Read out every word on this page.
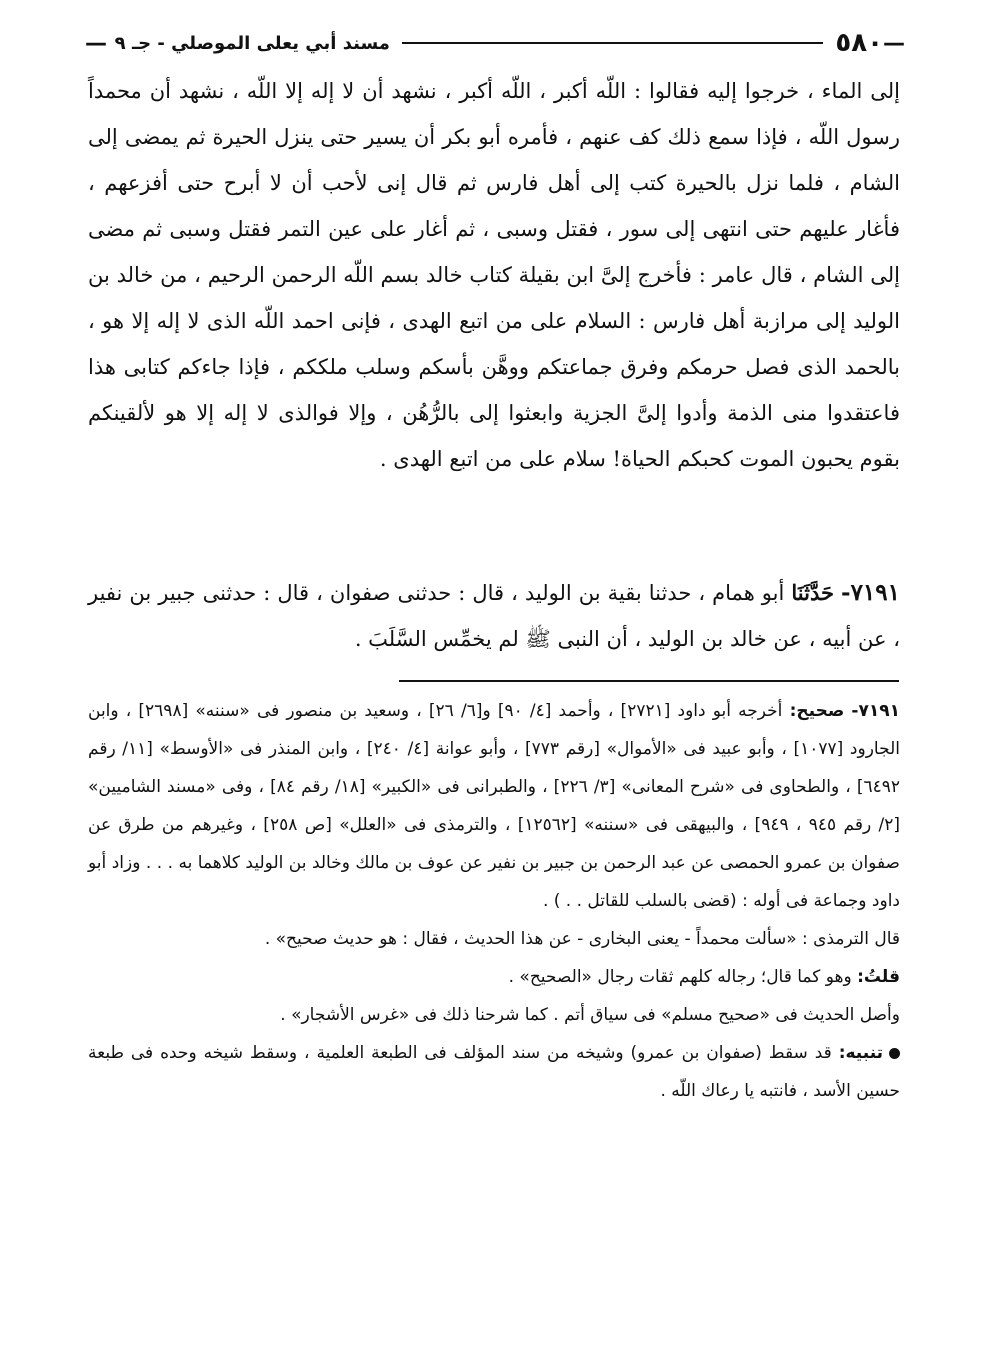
—
٥٨٠
مسند أبي يعلى الموصلي - جـ ٩
—

إلى الماء ، خرجوا إليه فقالوا : اللّه أكبر ، اللّه أكبر ، نشهد أن لا إله إلا اللّه ، نشهد أن محمداً رسول اللّه ، فإذا سمع ذلك كف عنهم ، فأمره أبو بكر أن يسير حتى ينزل الحيرة ثم يمضى إلى الشام ، فلما نزل بالحيرة كتب إلى أهل فارس ثم قال إنى لأحب أن لا أبرح حتى أفزعهم ، فأغار عليهم حتى انتهى إلى سور ، فقتل وسبى ، ثم أغار على عين التمر فقتل وسبى ثم مضى إلى الشام ، قال عامر : فأخرج إلىَّ ابن بقيلة كتاب خالد بسم اللّه الرحمن الرحيم ، من خالد بن الوليد إلى مرازبة أهل فارس : السلام على من اتبع الهدى ، فإنى احمد اللّه الذى لا إله إلا هو ، بالحمد الذى فصل حرمكم وفرق جماعتكم ووهَّن بأسكم وسلب ملككم ، فإذا جاءكم كتابى هذا فاعتقدوا منى الذمة وأدوا إلىَّ الجزية وابعثوا إلى بالرُّهُن ، وإلا فوالذى لا إله إلا هو لألقينكم بقوم يحبون الموت كحبكم الحياة! سلام على من اتبع الهدى .

٧١٩١- حَدَّثَنَا أبو همام ، حدثنا بقية بن الوليد ، قال : حدثنى صفوان ، قال : حدثنى جبير بن نفير ، عن أبيه ، عن خالد بن الوليد ، أن النبى ﷺ لم يخمِّس السَّلَبَ .

٧١٩١- صحيح: أخرجه أبو داود [٢٧٢١] ، وأحمد [٤/ ٩٠] و[٦/ ٢٦] ، وسعيد بن منصور فى «سننه» [٢٦٩٨] ، وابن الجارود [١٠٧٧] ، وأبو عبيد فى «الأموال» [رقم ٧٧٣] ، وأبو عوانة [٤/ ٢٤٠] ، وابن المنذر فى «الأوسط» [١١/ رقم ٦٤٩٢] ، والطحاوى فى «شرح المعانى» [٣/ ٢٢٦] ، والطبرانى فى «الكبير» [١٨/ رقم ٨٤] ، وفى «مسند الشاميين» [٢/ رقم ٩٤٥ ، ٩٤٩] ، والبيهقى فى «سننه» [١٢٥٦٢] ، والترمذى فى «العلل» [ص ٢٥٨] ، وغيرهم من طرق عن صفوان بن عمرو الحمصى عن عبد الرحمن بن جبير بن نفير عن عوف بن مالك وخالد بن الوليد كلاهما به . . . وزاد أبو داود وجماعة فى أوله : (قضى بالسلب للقاتل . . ) .

قال الترمذى : «سألت محمداً - يعنى البخارى - عن هذا الحديث ، فقال : هو حديث صحيح» .

قلتُ: وهو كما قال؛ رجاله كلهم ثقات رجال «الصحيح» .

وأصل الحديث فى «صحيح مسلم» فى سياق أتم . كما شرحنا ذلك فى «غرس الأشجار» .

تنبيه: قد سقط (صفوان بن عمرو) وشيخه من سند المؤلف فى الطبعة العلمية ، وسقط شيخه وحده فى طبعة حسين الأسد ، فانتبه يا رعاك اللّه .
